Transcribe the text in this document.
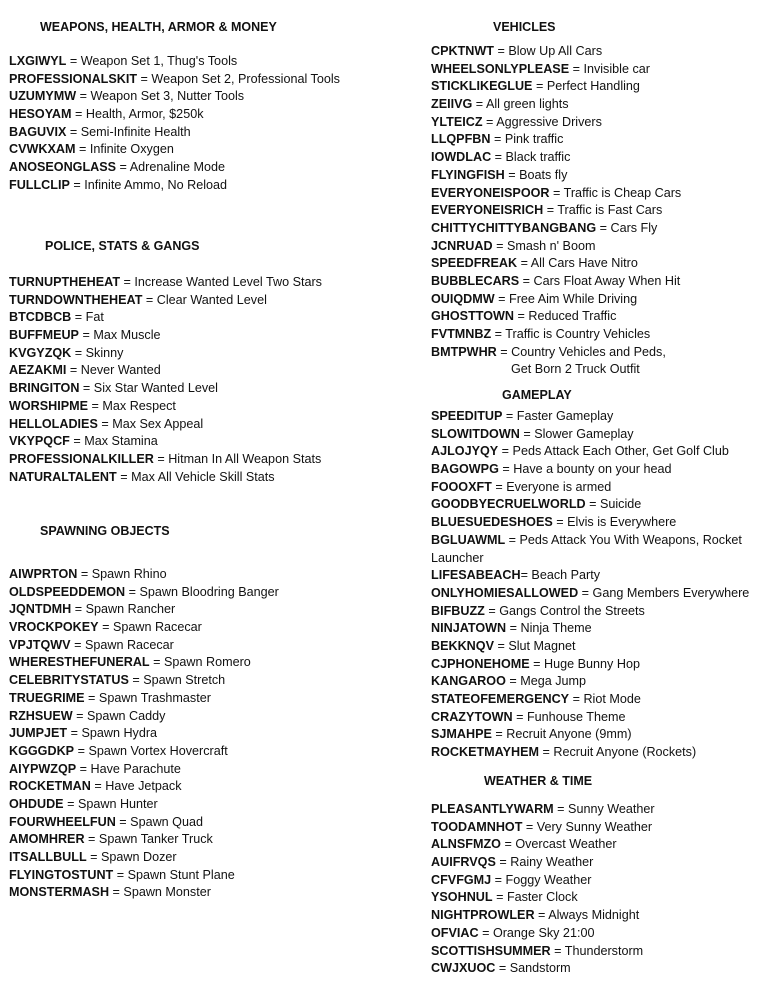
WEAPONS, HEALTH, ARMOR & MONEY
LXGIWYL = Weapon Set 1, Thug's Tools
PROFESSIONALSKIT = Weapon Set 2, Professional Tools
UZUMYMW = Weapon Set 3, Nutter Tools
HESOYAM = Health, Armor, $250k
BAGUVIX = Semi-Infinite Health
CVWKXAM = Infinite Oxygen
ANOSEONGLASS = Adrenaline Mode
FULLCLIP = Infinite Ammo, No Reload
POLICE, STATS & GANGS
TURNUPTHEHEAT = Increase Wanted Level Two Stars
TURNDOWNTHEHEAT = Clear Wanted Level
BTCDBCB = Fat
BUFFMEUP = Max Muscle
KVGYZQK = Skinny
AEZAKMI = Never Wanted
BRINGITON = Six Star Wanted Level
WORSHIPME = Max Respect
HELLOLADIES = Max Sex Appeal
VKYPQCF = Max Stamina
PROFESSIONALKILLER = Hitman In All Weapon Stats
NATURALTALENT = Max All Vehicle Skill Stats
SPAWNING OBJECTS
AIWPRTON = Spawn Rhino
OLDSPEEDDEMON = Spawn Bloodring Banger
JQNTDMH = Spawn Rancher
VROCKPOKEY = Spawn Racecar
VPJTQWV = Spawn Racecar
WHERESTHEFUNERAL = Spawn Romero
CELEBRITYSTATUS = Spawn Stretch
TRUEGRIME = Spawn Trashmaster
RZHSUEW = Spawn Caddy
JUMPJET = Spawn Hydra
KGGGDKP = Spawn Vortex Hovercraft
AIYPWZQP = Have Parachute
ROCKETMAN = Have Jetpack
OHDUDE = Spawn Hunter
FOURWHEELFUN = Spawn Quad
AMOMHRER = Spawn Tanker Truck
ITSALLBULL = Spawn Dozer
FLYINGTOSTUNT = Spawn Stunt Plane
MONSTERMASH = Spawn Monster
VEHICLES
CPKTNWT = Blow Up All Cars
WHEELSONLYPLEASE = Invisible car
STICKLIKEGLUE = Perfect Handling
ZEIIVG = All green lights
YLTEICZ = Aggressive Drivers
LLQPFBN = Pink traffic
IOWDLAC = Black traffic
FLYINGFISH = Boats fly
EVERYONEISPOOR = Traffic is Cheap Cars
EVERYONEISRICH = Traffic is Fast Cars
CHITTYCHITTYBANGBANG = Cars Fly
JCNRUAD = Smash n' Boom
SPEEDFREAK = All Cars Have Nitro
BUBBLECARS = Cars Float Away When Hit
OUIQDMW = Free Aim While Driving
GHOSTTOWN = Reduced Traffic
FVTMNBZ = Traffic is Country Vehicles
BMTPWHR = Country Vehicles and Peds,
Get Born 2 Truck Outfit
GAMEPLAY
SPEEDITUP = Faster Gameplay
SLOWITDOWN = Slower Gameplay
AJLOJYQY = Peds Attack Each Other, Get Golf Club
BAGOWPG = Have a bounty on your head
FOOOXFT = Everyone is armed
GOODBYECRUELWORLD = Suicide
BLUESUEDESHOES = Elvis is Everywhere
BGLUAWML = Peds Attack You With Weapons, Rocket
Launcher
LIFESABEACH= Beach Party
ONLYHOMIESALLOWED = Gang Members Everywhere
BIFBUZZ = Gangs Control the Streets
NINJATOWN = Ninja Theme
BEKKNQV = Slut Magnet
CJPHONEHOME = Huge Bunny Hop
KANGAROO = Mega Jump
STATEOFEMERGENCY = Riot Mode
CRAZYTOWN = Funhouse Theme
SJMAHPE = Recruit Anyone (9mm)
ROCKETMAYHEM = Recruit Anyone (Rockets)
WEATHER & TIME
PLEASANTLYWARM = Sunny Weather
TOODAMNHOT = Very Sunny Weather
ALNSFMZO = Overcast Weather
AUIFRVQS = Rainy Weather
CFVFGMJ = Foggy Weather
YSOHNUL = Faster Clock
NIGHTPROWLER = Always Midnight
OFVIAC = Orange Sky 21:00
SCOTTISHSUMMER = Thunderstorm
CWJXUOC = Sandstorm
